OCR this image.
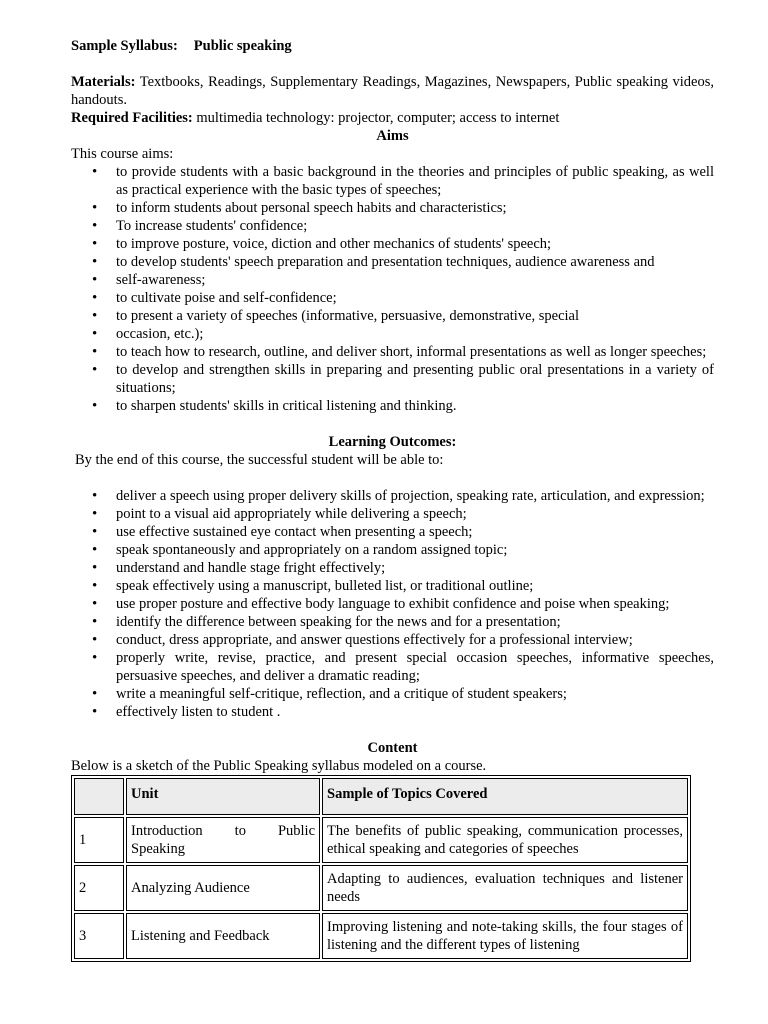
Sample Syllabus: Public speaking

Materials: Textbooks, Readings, Supplementary Readings, Magazines, Newspapers, Public speaking videos, handouts.

Required Facilities: multimedia technology: projector, computer; access to internet

Aims

This course aims:

• to provide students with a basic background in the theories and principles of public speaking, as well as practical experience with the basic types of speeches;
• to inform students about personal speech habits and characteristics;
• To increase students' confidence;
• to improve posture, voice, diction and other mechanics of students' speech;
• to develop students' speech preparation and presentation techniques, audience awareness and
• self-awareness;
• to cultivate poise and self-confidence;
• to present a variety of speeches (informative, persuasive, demonstrative, special
• occasion, etc.);
• to teach how to research, outline, and deliver short, informal presentations as well as longer speeches;
• to develop and strengthen skills in preparing and presenting public oral presentations in a variety of situations;
• to sharpen students' skills in critical listening and thinking.

Learning Outcomes:

By the end of this course, the successful student will be able to:

• deliver a speech using proper delivery skills of projection, speaking rate, articulation, and expression;
• point to a visual aid appropriately while delivering a speech;
• use effective sustained eye contact when presenting a speech;
• speak spontaneously and appropriately on a random assigned topic;
• understand and handle stage fright effectively;
• speak effectively using a manuscript, bulleted list, or traditional outline;
• use proper posture and effective body language to exhibit confidence and poise when speaking;
• identify the difference between speaking for the news and for a presentation;
• conduct, dress appropriate, and answer questions effectively for a professional interview;
• properly write, revise, practice, and present special occasion speeches, informative speeches, persuasive speeches, and deliver a dramatic reading;
• write a meaningful self-critique, reflection, and a critique of student speakers;
• effectively listen to student .

Content

Below is a sketch of the Public Speaking syllabus modeled on a course.

	Unit	Sample of Topics Covered
1	Introduction to Public Speaking	The benefits of public speaking, communication processes, ethical speaking and categories of speeches
2	Analyzing Audience	Adapting to audiences, evaluation techniques and listener needs
3	Listening and Feedback	Improving listening and note-taking skills, the four stages of listening and the different types of listening
